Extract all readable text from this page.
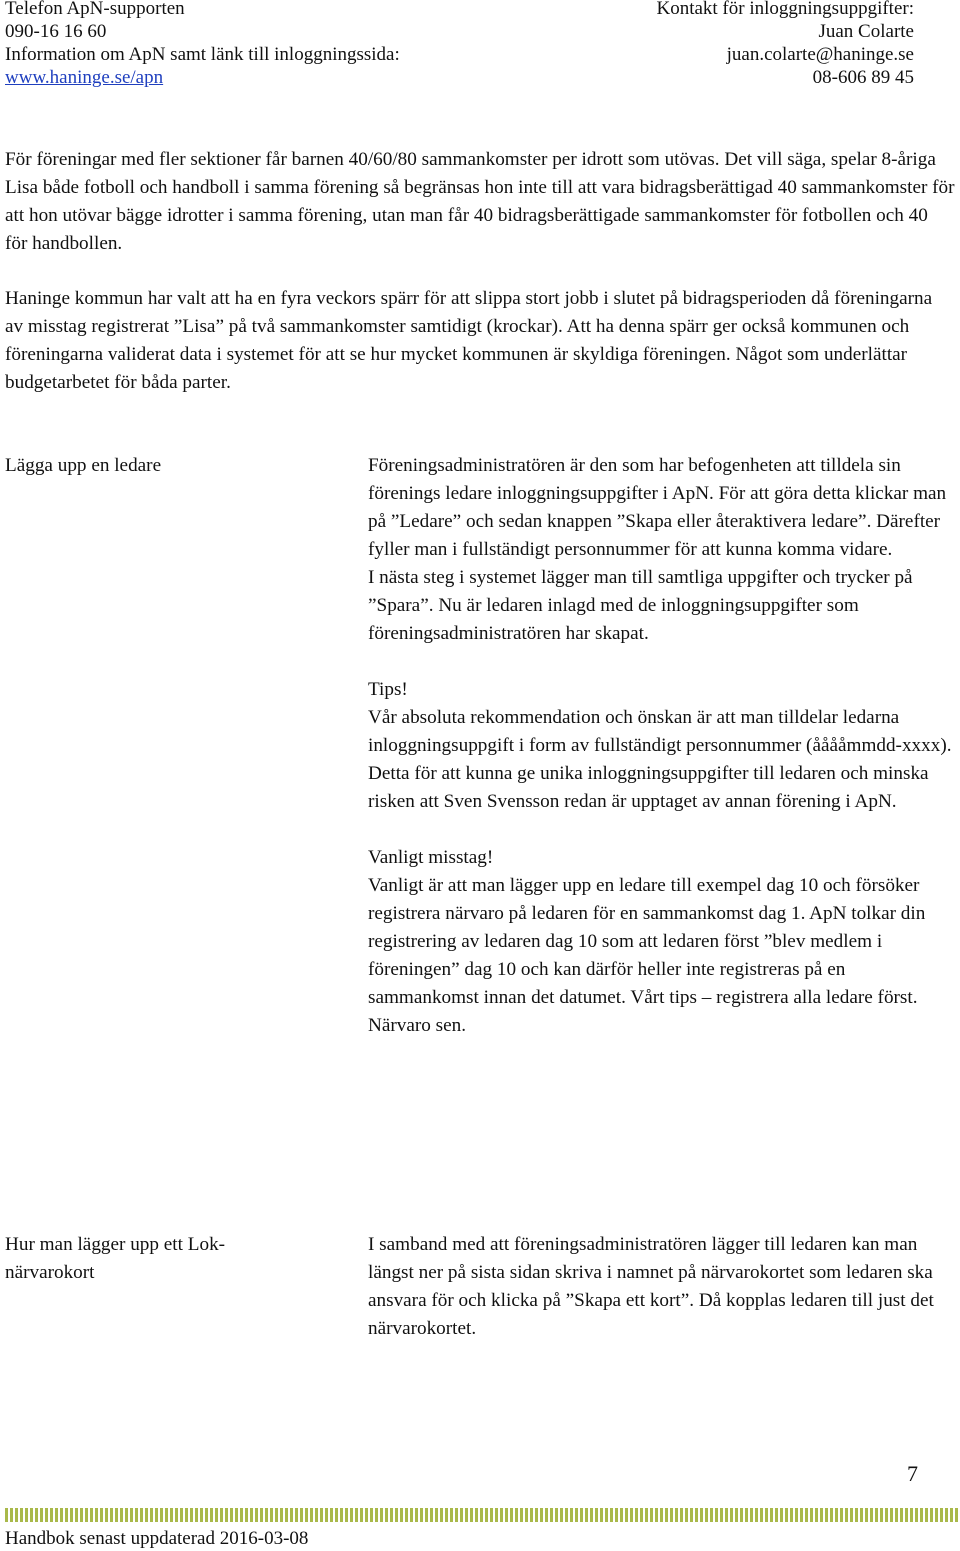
Telefon ApN-supporten
090-16 16 60
Information om ApN samt länk till inloggningssida:
www.haninge.se/apn
Kontakt för inloggningsuppgifter:
Juan Colarte
juan.colarte@haninge.se
08-606 89 45

För föreningar med fler sektioner får barnen 40/60/80 sammankomster per idrott som utövas. Det vill säga, spelar 8-åriga Lisa både fotboll och handboll i samma förening så begränsas hon inte till att vara bidragsberättigad 40 sammankomster för att hon utövar bägge idrotter i samma förening, utan man får 40 bidragsberättigade sammankomster för fotbollen och 40 för handbollen.

Haninge kommun har valt att ha en fyra veckors spärr för att slippa stort jobb i slutet på bidragsperioden då föreningarna av misstag registrerat ”Lisa” på två sammankomster samtidigt (krockar). Att ha denna spärr ger också kommunen och föreningarna validerat data i systemet för att se hur mycket kommunen är skyldiga föreningen. Något som underlättar budgetarbetet för båda parter.

Lägga upp en ledare	Föreningsadministratören är den som har befogenheten att tilldela sin förenings ledare inloggningsuppgifter i ApN. För att göra detta klickar man på ”Ledare” och sedan knappen ”Skapa eller återaktivera ledare”. Därefter fyller man i fullständigt personnummer för att kunna komma vidare.

I nästa steg i systemet lägger man till samtliga uppgifter och trycker på ”Spara”. Nu är ledaren inlagd med de inloggningsuppgifter som föreningsadministratören har skapat.

Tips!

Vår absoluta rekommendation och önskan är att man tilldelar ledarna inloggningsuppgift i form av fullständigt personnummer (ååååmmdd-xxxx). Detta för att kunna ge unika inloggningsuppgifter till ledaren och minska risken att Sven Svensson redan är upptaget av annan förening i ApN.

Vanligt misstag!

Vanligt är att man lägger upp en ledare till exempel dag 10 och försöker registrera närvaro på ledaren för en sammankomst dag 1. ApN tolkar din registrering av ledaren dag 10 som att ledaren först ”blev medlem i föreningen” dag 10 och kan därför heller inte registreras på en sammankomst innan det datumet. Vårt tips – registrera alla ledare först. Närvaro sen.

Hur man lägger upp ett Lok-närvarokort

I samband med att föreningsadministratören lägger till ledaren kan man längst ner på sista sidan skriva i namnet på närvarokortet som ledaren ska ansvara för och klicka på ”Skapa ett kort”. Då kopplas ledaren till just det närvarokortet.

7
Handbok senast uppdaterad 2016-03-08
